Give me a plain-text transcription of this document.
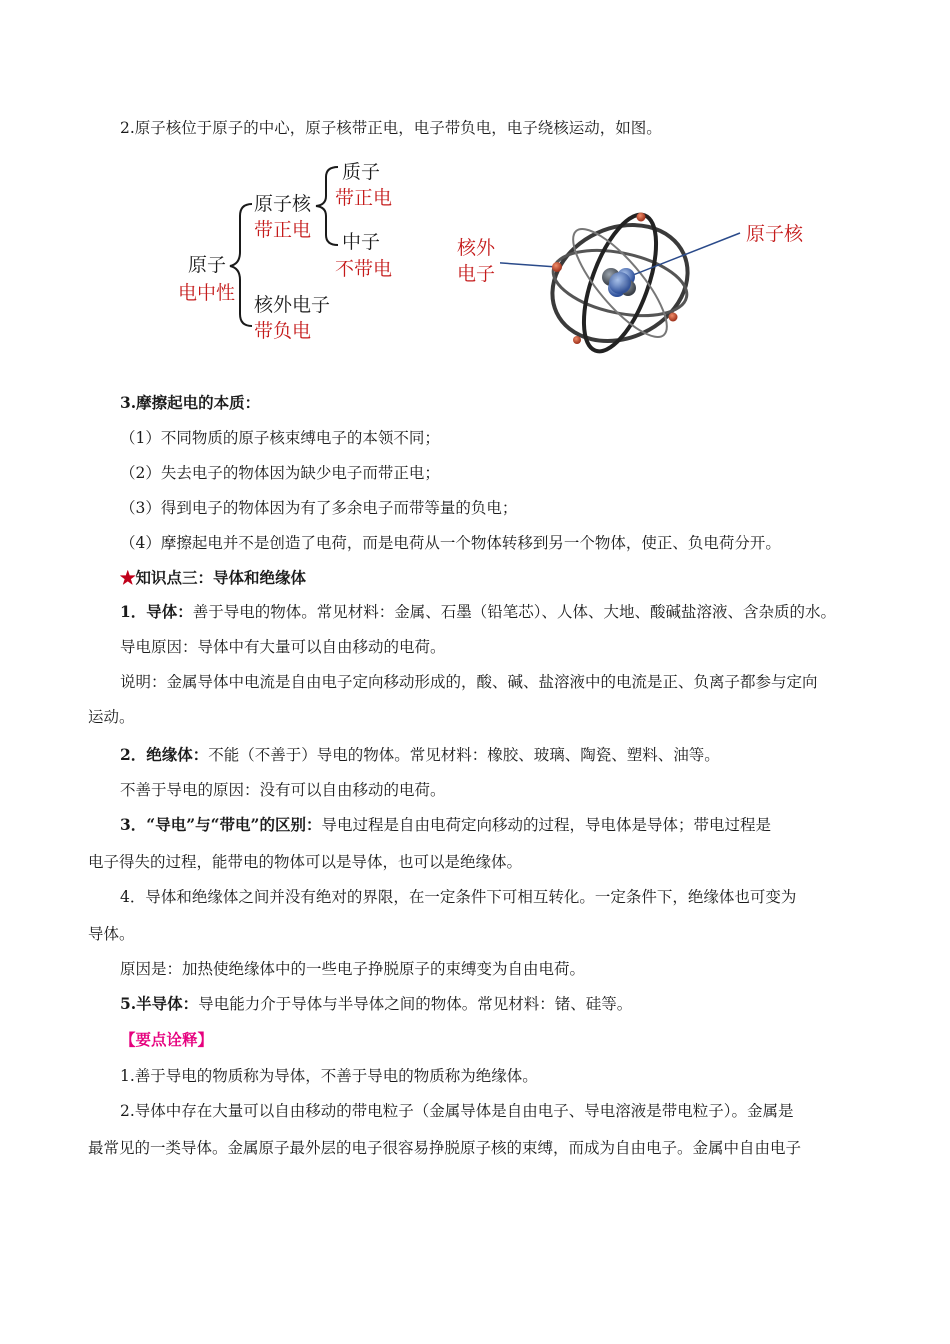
2.原子核位于原子的中心，原子核带正电，电子带负电，电子绕核运动，如图。
原子
电中性
原子核
带正电
质子
带正电
中子
不带电
核外电子
带负电
核外
电子
原子核
3.摩擦起电的本质：
（1）不同物质的原子核束缚电子的本领不同；
（2）失去电子的物体因为缺少电子而带正电；
（3）得到电子的物体因为有了多余电子而带等量的负电；
（4）摩擦起电并不是创造了电荷，而是电荷从一个物体转移到另一个物体，使正、负电荷分开。
★知识点三：导体和绝缘体
1．导体：善于导电的物体。常见材料：金属、石墨（铅笔芯）、人体、大地、酸碱盐溶液、含杂质的水。
导电原因：导体中有大量可以自由移动的电荷。
说明：金属导体中电流是自由电子定向移动形成的，酸、碱、盐溶液中的电流是正、负离子都参与定向
运动。
2．绝缘体：不能（不善于）导电的物体。常见材料：橡胶、玻璃、陶瓷、塑料、油等。
不善于导电的原因：没有可以自由移动的电荷。
3．“导电”与“带电”的区别：导电过程是自由电荷定向移动的过程，导电体是导体；带电过程是
电子得失的过程，能带电的物体可以是导体，也可以是绝缘体。
4．导体和绝缘体之间并没有绝对的界限，在一定条件下可相互转化。一定条件下，绝缘体也可变为
导体。
原因是：加热使绝缘体中的一些电子挣脱原子的束缚变为自由电荷。
5.半导体：导电能力介于导体与半导体之间的物体。常见材料：锗、硅等。
【要点诠释】
1.善于导电的物质称为导体，不善于导电的物质称为绝缘体。
2.导体中存在大量可以自由移动的带电粒子（金属导体是自由电子、导电溶液是带电粒子）。金属是
最常见的一类导体。金属原子最外层的电子很容易挣脱原子核的束缚，而成为自由电子。金属中自由电子
